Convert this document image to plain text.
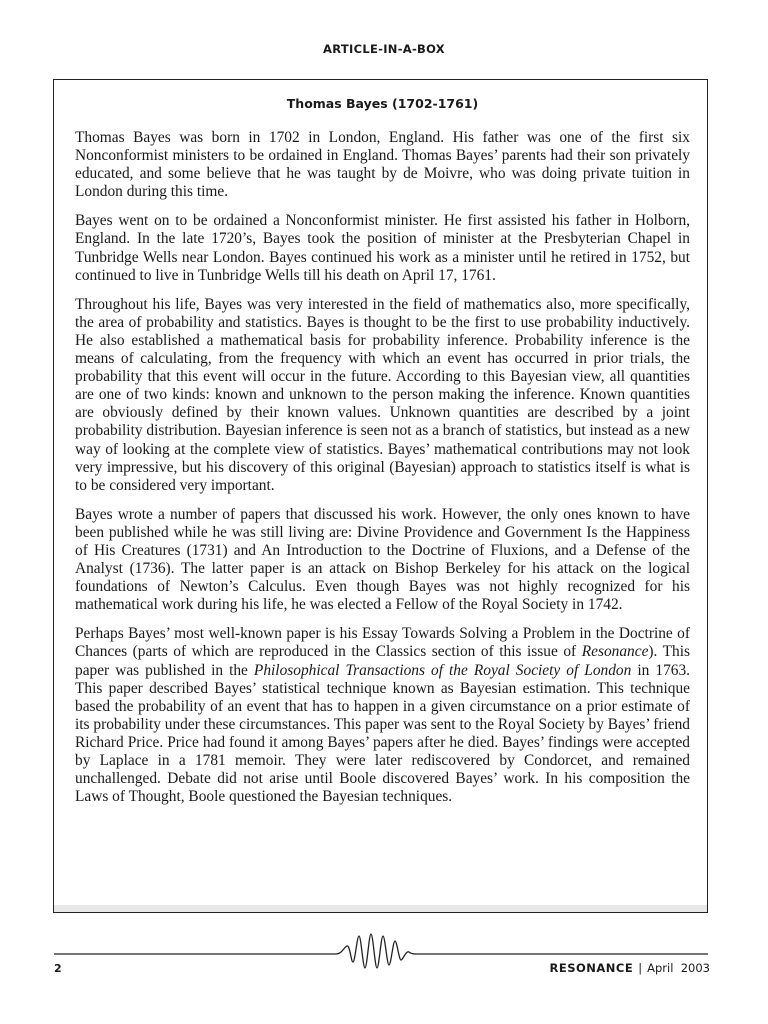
ARTICLE-IN-A-BOX
Thomas Bayes (1702-1761)

Thomas Bayes was born in 1702 in London, England. His father was one of the first six Nonconformist ministers to be ordained in England. Thomas Bayes’ parents had their son privately educated, and some believe that he was taught by de Moivre, who was doing private tuition in London during this time.

Bayes went on to be ordained a Nonconformist minister. He first assisted his father in Holborn, England. In the late 1720’s, Bayes took the position of minister at the Presbyterian Chapel in Tunbridge Wells near London. Bayes continued his work as a minister until he retired in 1752, but continued to live in Tunbridge Wells till his death on April 17, 1761.

Throughout his life, Bayes was very interested in the field of mathematics also, more specifically, the area of probability and statistics. Bayes is thought to be the first to use probability inductively. He also established a mathematical basis for probability inference. Probability inference is the means of calculating, from the frequency with which an event has occurred in prior trials, the probability that this event will occur in the future. According to this Bayesian view, all quantities are one of two kinds: known and unknown to the person making the inference. Known quantities are obviously defined by their known values. Unknown quantities are described by a joint probability distribution. Bayesian inference is seen not as a branch of statistics, but instead as a new way of looking at the complete view of statistics. Bayes’ mathematical contributions may not look very impressive, but his discovery of this original (Bayesian) approach to statistics itself is what is to be considered very important.

Bayes wrote a number of papers that discussed his work. However, the only ones known to have been published while he was still living are: Divine Providence and Government Is the Happiness of His Creatures (1731) and An Introduction to the Doctrine of Fluxions, and a Defense of the Analyst (1736). The latter paper is an attack on Bishop Berkeley for his attack on the logical foundations of Newton’s Calculus. Even though Bayes was not highly recognized for his mathematical work during his life, he was elected a Fellow of the Royal Society in 1742.

Perhaps Bayes’ most well-known paper is his Essay Towards Solving a Problem in the Doctrine of Chances (parts of which are reproduced in the Classics section of this issue of Resonance). This paper was published in the Philosophical Transactions of the Royal Society of London in 1763. This paper described Bayes’ statistical technique known as Bayesian estimation. This technique based the probability of an event that has to happen in a given circumstance on a prior estimate of its probability under these circumstances. This paper was sent to the Royal Society by Bayes’ friend Richard Price. Price had found it among Bayes’ papers after he died. Bayes’ findings were accepted by Laplace in a 1781 memoir. They were later rediscovered by Condorcet, and remained unchallenged. Debate did not arise until Boole discovered Bayes’ work. In his composition the Laws of Thought, Boole questioned the Bayesian techniques.

2	RESONANCE | April 2003
